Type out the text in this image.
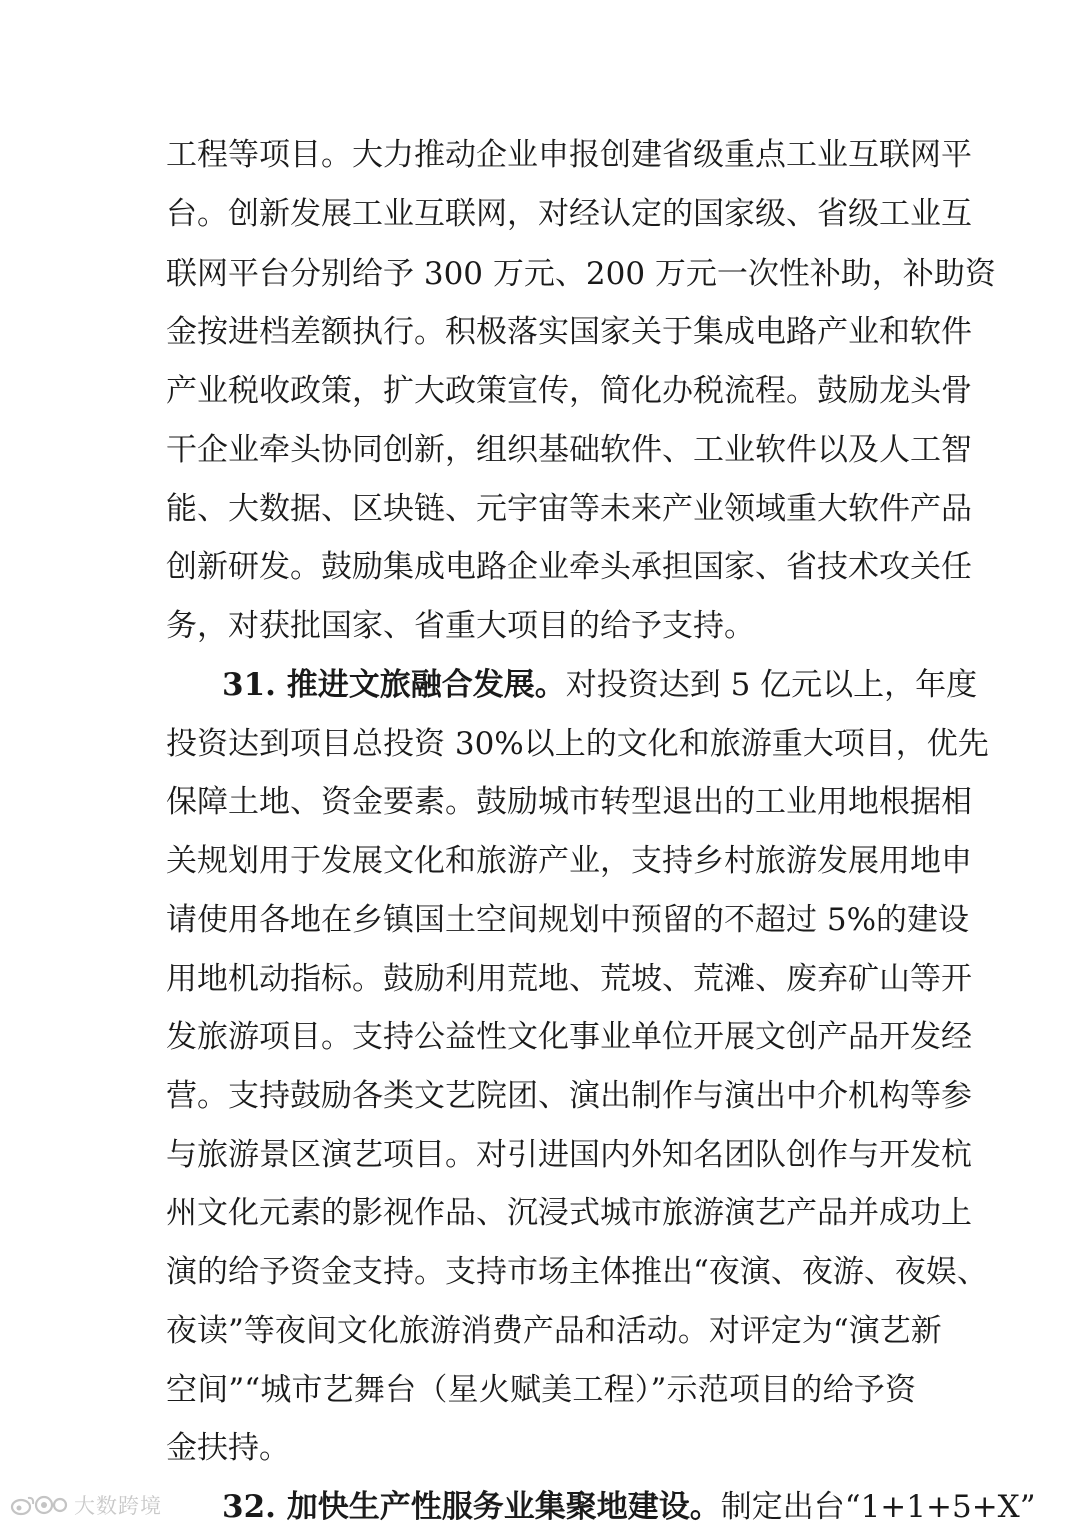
工程等项目。大力推动企业申报创建省级重点工业互联网平
台。创新发展工业互联网，对经认定的国家级、省级工业互
联网平台分别给予 300 万元、200 万元一次性补助，补助资
金按进档差额执行。积极落实国家关于集成电路产业和软件
产业税收政策，扩大政策宣传，简化办税流程。鼓励龙头骨
干企业牵头协同创新，组织基础软件、工业软件以及人工智
能、大数据、区块链、元宇宙等未来产业领域重大软件产品
创新研发。鼓励集成电路企业牵头承担国家、省技术攻关任
务，对获批国家、省重大项目的给予支持。
31. 推进文旅融合发展。对投资达到 5 亿元以上，年度
投资达到项目总投资 30%以上的文化和旅游重大项目，优先
保障土地、资金要素。鼓励城市转型退出的工业用地根据相
关规划用于发展文化和旅游产业，支持乡村旅游发展用地申
请使用各地在乡镇国土空间规划中预留的不超过 5%的建设
用地机动指标。鼓励利用荒地、荒坡、荒滩、废弃矿山等开
发旅游项目。支持公益性文化事业单位开展文创产品开发经
营。支持鼓励各类文艺院团、演出制作与演出中介机构等参
与旅游景区演艺项目。对引进国内外知名团队创作与开发杭
州文化元素的影视作品、沉浸式城市旅游演艺产品并成功上
演的给予资金支持。支持市场主体推出“夜演、夜游、夜娱、
夜读”等夜间文化旅游消费产品和活动。对评定为“演艺新
空间”“城市艺舞台（星火赋美工程）”示范项目的给予资
金扶持。
32. 加快生产性服务业集聚地建设。制定出台“1+1+5+X”
大数跨境
